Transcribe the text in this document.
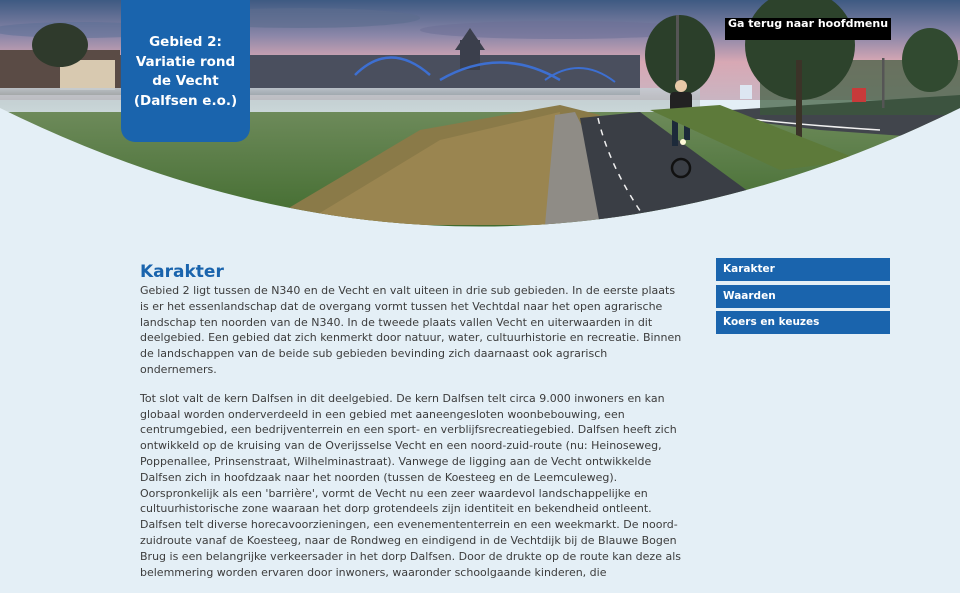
Gebied 2: Variatie rond de Vecht (Dalfsen e.o.)
Ga terug naar hoofdmenu
Karakter

Gebied 2 ligt tussen de N340 en de Vecht en valt uiteen in drie sub gebieden. In de eerste plaats is er het essenlandschap dat de overgang vormt tussen het Vechtdal naar het open agrarische landschap ten noorden van de N340. In de tweede plaats vallen Vecht en uiterwaarden in dit deelgebied. Een gebied dat zich kenmerkt door natuur, water, cultuurhistorie en recreatie. Binnen de landschappen van de beide sub gebieden bevinding zich daarnaast ook agrarisch ondernemers.

Tot slot valt de kern Dalfsen in dit deelgebied. De kern Dalfsen telt circa 9.000 inwoners en kan globaal worden onderverdeeld in een gebied met aaneengesloten woonbebouwing, een centrumgebied, een bedrijventerrein en een sport- en verblijfsrecreatiegebied. Dalfsen heeft zich ontwikkeld op de kruising van de Overijsselse Vecht en een noord-zuid-route (nu: Heinoseweg, Poppenallee, Prinsenstraat, Wilhelminastraat). Vanwege de ligging aan de Vecht ontwikkelde Dalfsen zich in hoofdzaak naar het noorden (tussen de Koesteeg en de Leemculeweg). Oorspronkelijk als een 'barrière', vormt de Vecht nu een zeer waardevol landschappelijke en cultuurhistorische zone waaraan het dorp grotendeels zijn identiteit en bekendheid ontleent. Dalfsen telt diverse horecavoorzieningen, een evenemententerrein en een weekmarkt. De noord-zuidroute vanaf de Koesteeg, naar de Rondweg en eindigend in de Vechtdijk bij de Blauwe Bogen Brug is een belangrijke verkeersader in het dorp Dalfsen. Door de drukte op de route kan deze als belemmering worden ervaren door inwoners, waaronder schoolgaande kinderen, die

Karakter
Waarden
Koers en keuzes
